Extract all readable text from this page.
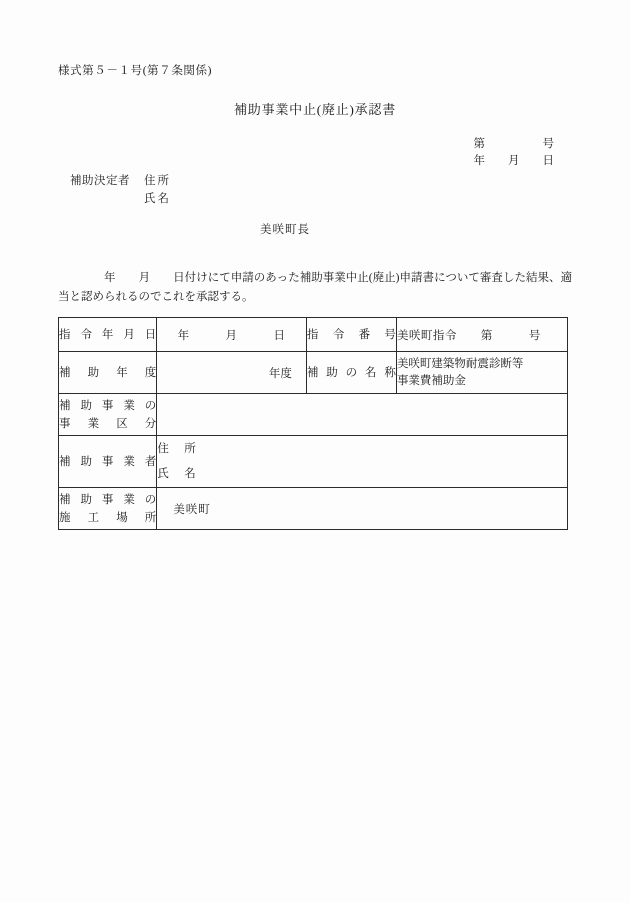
様式第５－１号(第７条関係)
補助事業中止(廃止)承認書
第　　　　　号
年　　月　　日
補助決定者 住所
氏名
美咲町長
　　　　年　　月　　日付けにて申請のあった補助事業中止(廃止)申請書について審査した結果、適当と認められるのでこれを承認する。
指令年月日	年　　　月　　　日	指令番号	美咲町指令　　第　　　号

補助年度	年度	補助の名称	美咲町建築物耐震診断等
事業費補助金

補助事業の
事業区分			

補助事業者	住　所
氏　名		

補助事業の
施工場所	美咲町		
